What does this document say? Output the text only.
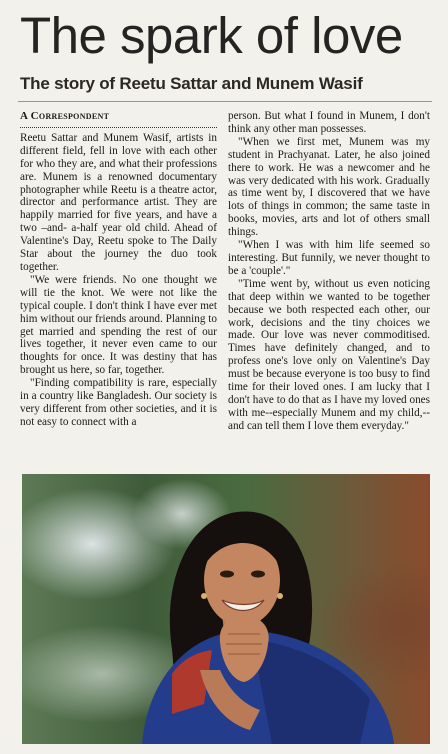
The spark of love
The story of Reetu Sattar and Munem Wasif
A Correspondent

Reetu Sattar and Munem Wasif, artists in different field, fell in love with each other for who they are, and what their professions are. Munem is a renowned documentary photographer while Reetu is a theatre actor, director and performance artist. They are happily married for five years, and have a two –and- a-half year old child. Ahead of Valentine's Day, Reetu spoke to The Daily Star about the journey the duo took together.

"We were friends. No one thought we will tie the knot. We were not like the typical couple. I don't think I have ever met him without our friends around. Planning to get married and spending the rest of our lives together, it never even came to our thoughts for once. It was destiny that has brought us here, so far, together.

"Finding compatibility is rare, especially in a country like Bangladesh. Our society is very different from other societies, and it is not easy to connect with a

person. But what I found in Munem, I don't think any other man possesses.

"When we first met, Munem was my student in Prachyanat. Later, he also joined there to work. He was a newcomer and he was very dedicated with his work. Gradually as time went by, I discovered that we have lots of things in common; the same taste in books, movies, arts and lot of others small things.

"When I was with him life seemed so interesting. But funnily, we never thought to be a 'couple'."

"Time went by, without us even noticing that deep within we wanted to be together because we both respected each other, our work, decisions and the tiny choices we made. Our love was never commoditised. Times have definitely changed, and to profess one's love only on Valentine's Day must be because everyone is too busy to find time for their loved ones. I am lucky that I don't have to do that as I have my loved ones with me--especially Munem and my child,-- and can tell them I love them everyday."
